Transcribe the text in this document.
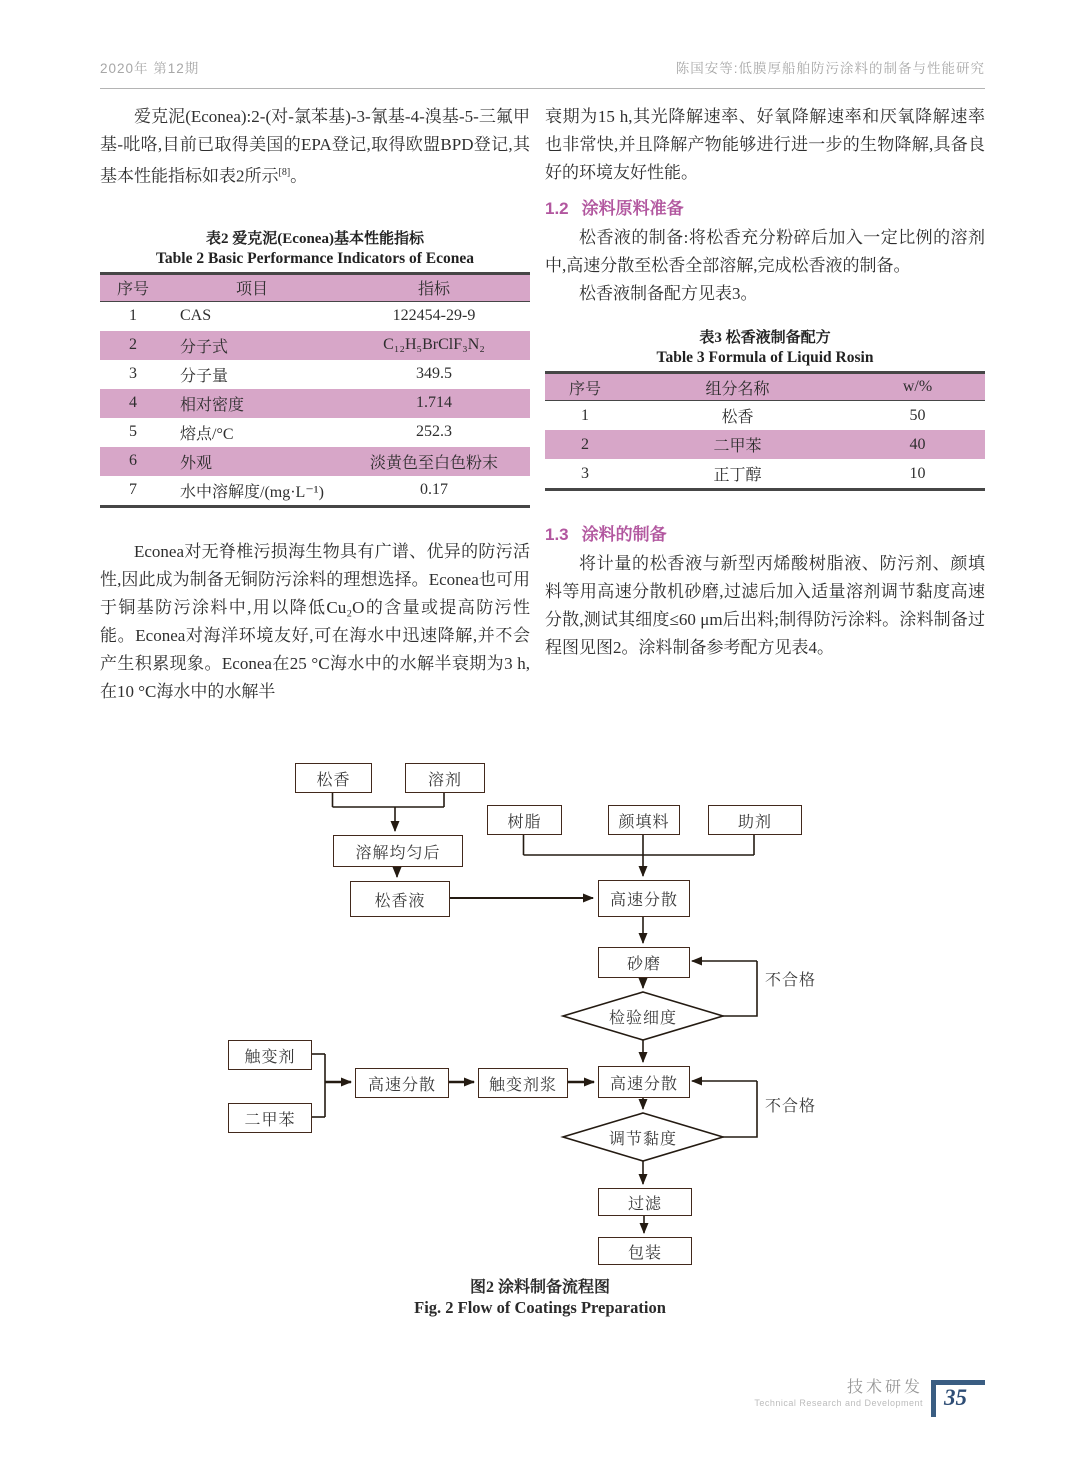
2020年 第12期	陈国安等:低膜厚船舶防污涂料的制备与性能研究

爱克泥(Econea):2-(对-氯苯基)-3-氰基-4-溴基-5-三氟甲基-吡咯,目前已取得美国的EPA登记,取得欧盟BPD登记,其基本性能指标如表2所示[8]。

表2 爱克泥(Econea)基本性能指标

Table 2 Basic Performance Indicators of Econea

序号	项目	指标
1	CAS	122454-29-9
2	分子式	C₁₂H₅BrClF₃N₂
3	分子量	349.5
4	相对密度	1.714
5	熔点/°C	252.3
6	外观	淡黄色至白色粉末
7	水中溶解度/(mg·L⁻¹)	0.17

Econea对无脊椎污损海生物具有广谱、优异的防污活性,因此成为制备无铜防污涂料的理想选择。Econea也可用于铜基防污涂料中,用以降低Cu₂O的含量或提高防污性能。Econea对海洋环境友好,可在海水中迅速降解,并不会产生积累现象。Econea在25 °C海水中的水解半衰期为3 h,在10 °C海水中的水解半

衰期为15 h,其光降解速率、好氧降解速率和厌氧降解速率也非常快,并且降解产物能够进行进一步的生物降解,具备良好的环境友好性能。

1.2 涂料原料准备

松香液的制备:将松香充分粉碎后加入一定比例的溶剂中,高速分散至松香全部溶解,完成松香液的制备。

松香液制备配方见表3。

表3 松香液制备配方

Table 3 Formula of Liquid Rosin

序号	组分名称	w/%
1	松香	50
2	二甲苯	40
3	正丁醇	10
1.3 涂料的制备

将计量的松香液与新型丙烯酸树脂液、防污剂、颜填料等用高速分散机砂磨,过滤后加入适量溶剂调节黏度高速分散,测试其细度≤60 μm后出料;制得防污涂料。涂料制备过程图见图2。涂料制备参考配方见表4。

松香	溶剂
溶解均匀后
松香液
树脂	颜填料	助剂
高速分散
砂磨
检验细度
触变剂
二甲苯
高速分散	触变剂浆	高速分散
调节黏度
过滤
包装
不合格
不合格
图2 涂料制备流程图
Fig. 2 Flow of Coatings Preparation
技术研发
Technical Research and Development 35
